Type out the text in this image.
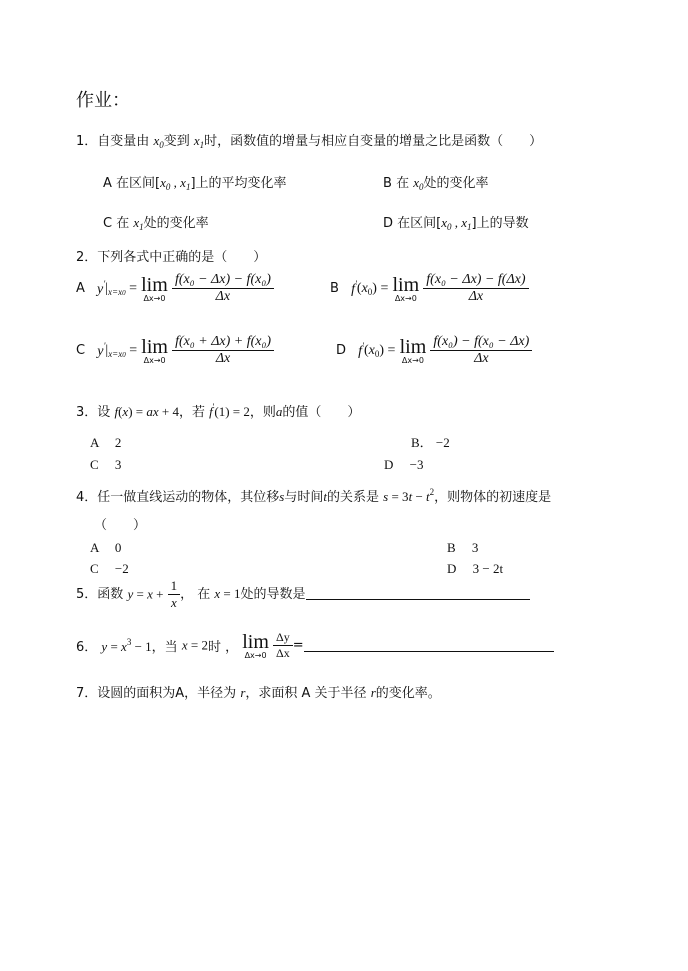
作业：
1．自变量由 $x_0$变到 $x_1$时，函数值的增量与相应自变量的增量之比是函数（　　）
A 在区间[$x_0$ , $x_1$]上的平均变化率	B 在 $x_0$处的变化率
C 在 $x_1$处的变化率	D 在区间[$x_0$ , $x_1$]上的导数
2．下列各式中正确的是（　　）
A $y'|_{x=x0} = \lim$
Δx→0
$\frac{\text{f(x₀ − Δx) − f(x₀)}}{\Delta x}$	B $f'(x_0) = \lim$
Δx→0
$\frac{\text{f(x₀ − Δx) − f(Δx)}}{\Delta x}$
C $y'|_{x=x0} = \lim$
Δx→0
$\frac{\text{f(x₀ + Δx) + f(x₀)}}{\Delta x}$	D $f'(x_0) = \lim$
Δx→0
$\frac{\text{f(x₀) − f(x₀ − Δx)}}{\Delta x}$
3．设 f(x) = ax + 4，若 f'(1) = 2，则a的值（　　）
A　 2	B． −2
C　 3	D　 −3
4．任一做直线运动的物体，其位移s与时间t的关系是 $s = 3t - t^2$，则物体的初速度是
（　　）
A　 0	B　 3
C　 −2	D　 3 − 2t
5．函数 $y = x + \frac{1}{x}$ ， 在 x = 1处的导数是
6． $y = x^3 - 1$，当 x = 2时 ， lim
Δx→0
$\frac{\Delta y}{\Delta x}$ =
7．设圆的面积为A，半径为 r，求面积 A 关于半径 r的变化率。
